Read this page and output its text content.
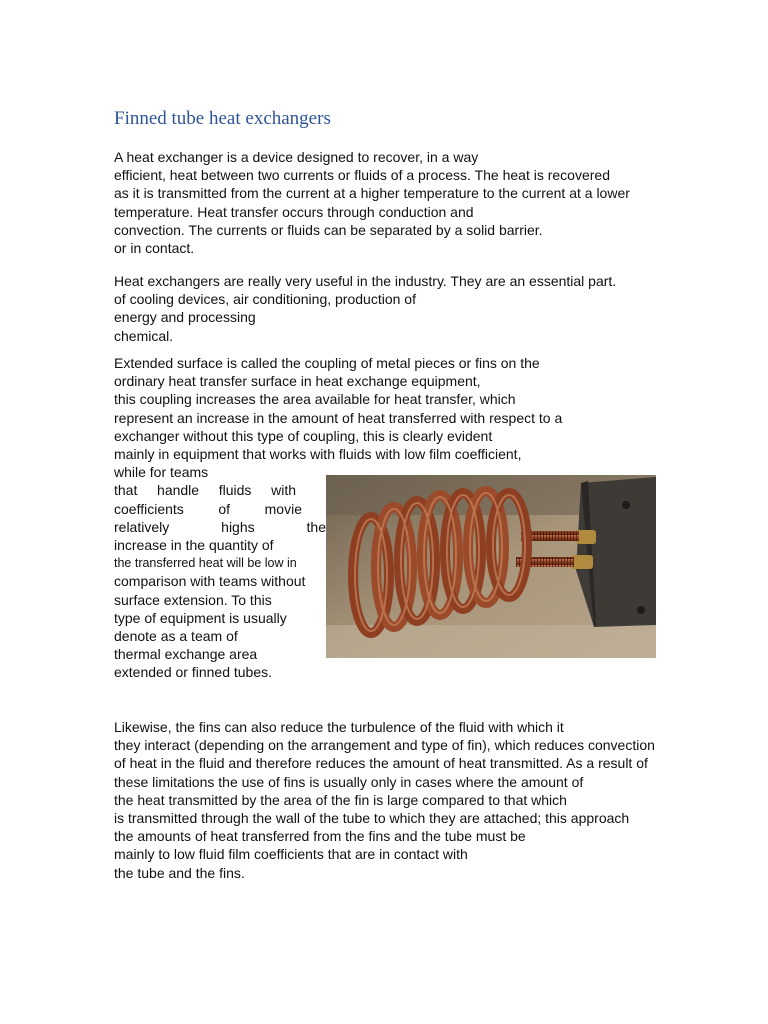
Finned tube heat exchangers
A heat exchanger is a device designed to recover, in a way
efficient, heat between two currents or fluids of a process. The heat is recovered
as it is transmitted from the current at a higher temperature to the current at a lower
temperature. Heat transfer occurs through conduction and
convection. The currents or fluids can be separated by a solid barrier.
or in contact.
Heat exchangers are really very useful in the industry. They are an essential part.
of cooling devices, air conditioning, production of
energy and processing
chemical.
Extended surface is called the coupling of metal pieces or fins on the
ordinary heat transfer surface in heat exchange equipment,
this coupling increases the area available for heat transfer, which
represent an increase in the amount of heat transferred with respect to a
exchanger without this type of coupling, this is clearly evident
mainly in equipment that works with fluids with low film coefficient,
while for teams
that handle fluids with
coefficients of movie
relatively highs the
increase in the quantity of
the transferred heat will be low in
comparison with teams without
surface extension. To this
type of equipment is usually
denote as a team of
thermal exchange area
extended or finned tubes.
Likewise, the fins can also reduce the turbulence of the fluid with which it
they interact (depending on the arrangement and type of fin), which reduces convection
of heat in the fluid and therefore reduces the amount of heat transmitted. As a result of
these limitations the use of fins is usually only in cases where the amount of
the heat transmitted by the area of the fin is large compared to that which
is transmitted through the wall of the tube to which they are attached; this approach
the amounts of heat transferred from the fins and the tube must be
mainly to low fluid film coefficients that are in contact with
the tube and the fins.
